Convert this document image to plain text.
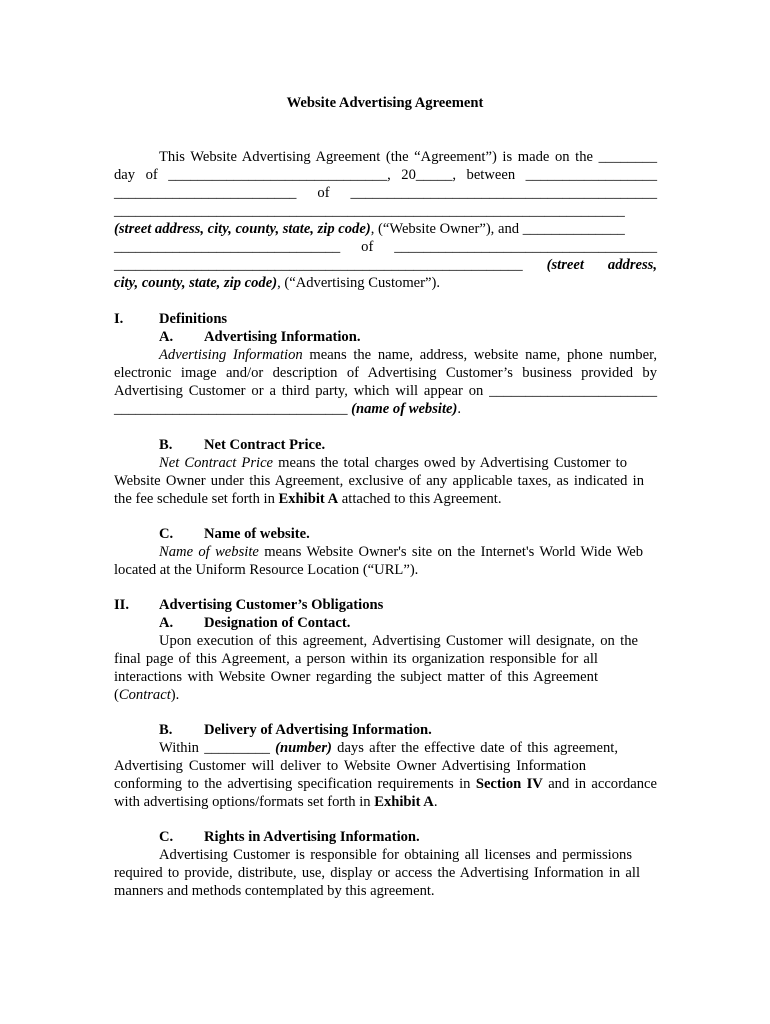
Website Advertising Agreement
This Website Advertising Agreement (the “Agreement”) is made on the ________
day of ______________________________, 20_____, between __________________
_________________________ of __________________________________________
______________________________________________________________________
(street address, city, county, state, zip code), (“Website Owner”), and ______________
_______________________________ of ____________________________________
________________________________________________________ (street address,
city, county, state, zip code), (“Advertising Customer”).
I. Definitions
A. Advertising Information.
Advertising Information means the name, address, website name, phone number,
electronic image and/or description of Advertising Customer’s business provided by
Advertising Customer or a third party, which will appear on _______________________
________________________________ (name of website).
B. Net Contract Price.
Net Contract Price means the total charges owed by Advertising Customer to
Website Owner under this Agreement, exclusive of any applicable taxes, as indicated in
the fee schedule set forth in Exhibit A attached to this Agreement.
C. Name of website.
Name of website means Website Owner's site on the Internet's World Wide Web
located at the Uniform Resource Location (“URL”).
II. Advertising Customer’s Obligations
A. Designation of Contact.
Upon execution of this agreement, Advertising Customer will designate, on the
final page of this Agreement, a person within its organization responsible for all
interactions with Website Owner regarding the subject matter of this Agreement
(Contract).
B. Delivery of Advertising Information.
Within _________ (number) days after the effective date of this agreement,
Advertising Customer will deliver to Website Owner Advertising Information
conforming to the advertising specification requirements in Section IV and in accordance
with advertising options/formats set forth in Exhibit A.
C. Rights in Advertising Information.
Advertising Customer is responsible for obtaining all licenses and permissions
required to provide, distribute, use, display or access the Advertising Information in all
manners and methods contemplated by this agreement.
